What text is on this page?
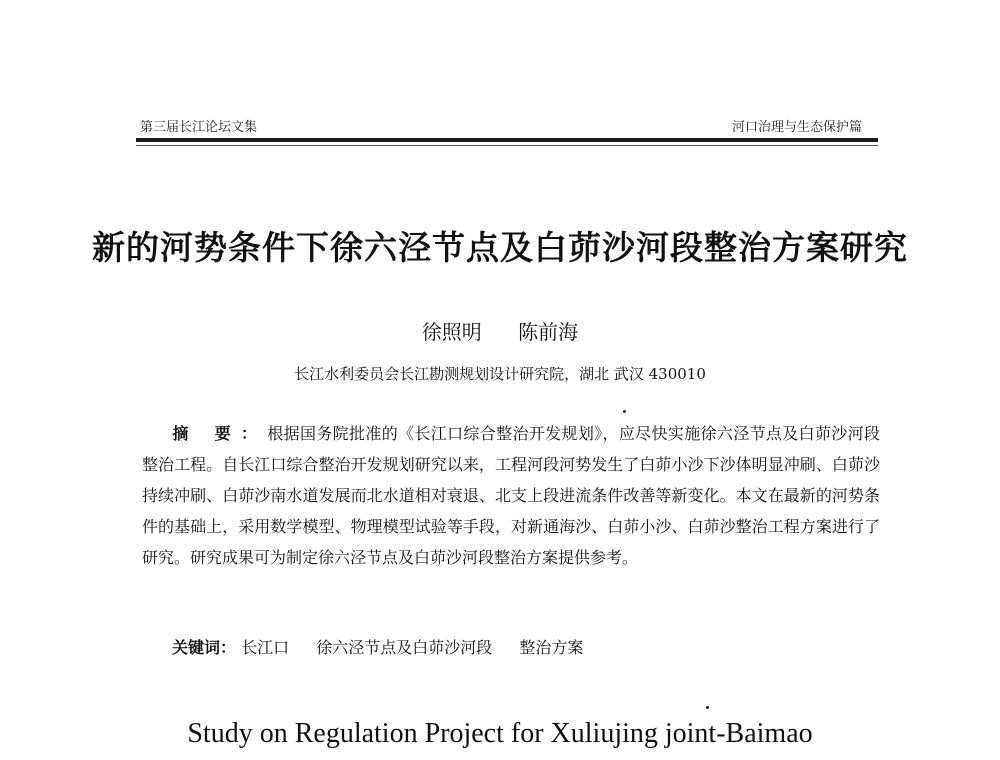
第三届长江论坛文集	河口治理与生态保护篇
新的河势条件下徐六泾节点及白茆沙河段整治方案研究
徐照明 陈前海
长江水利委员会长江勘测规划设计研究院，湖北 武汉 430010
摘 要：根据国务院批准的《长江口综合整治开发规划》，应尽快实施徐六泾节点及白茆沙河段整治工程。自长江口综合整治开发规划研究以来，工程河段河势发生了白茆小沙下沙体明显冲刷、白茆沙持续冲刷、白茆沙南水道发展而北水道相对衰退、北支上段进流条件改善等新变化。本文在最新的河势条件的基础上，采用数学模型、物理模型试验等手段，对新通海沙、白茆小沙、白茆沙整治工程方案进行了研究。研究成果可为制定徐六泾节点及白茆沙河段整治方案提供参考。
关键词： 长江口 徐六泾节点及白茆沙河段 整治方案
Study on Regulation Project for Xuliujing joint-Baimao
